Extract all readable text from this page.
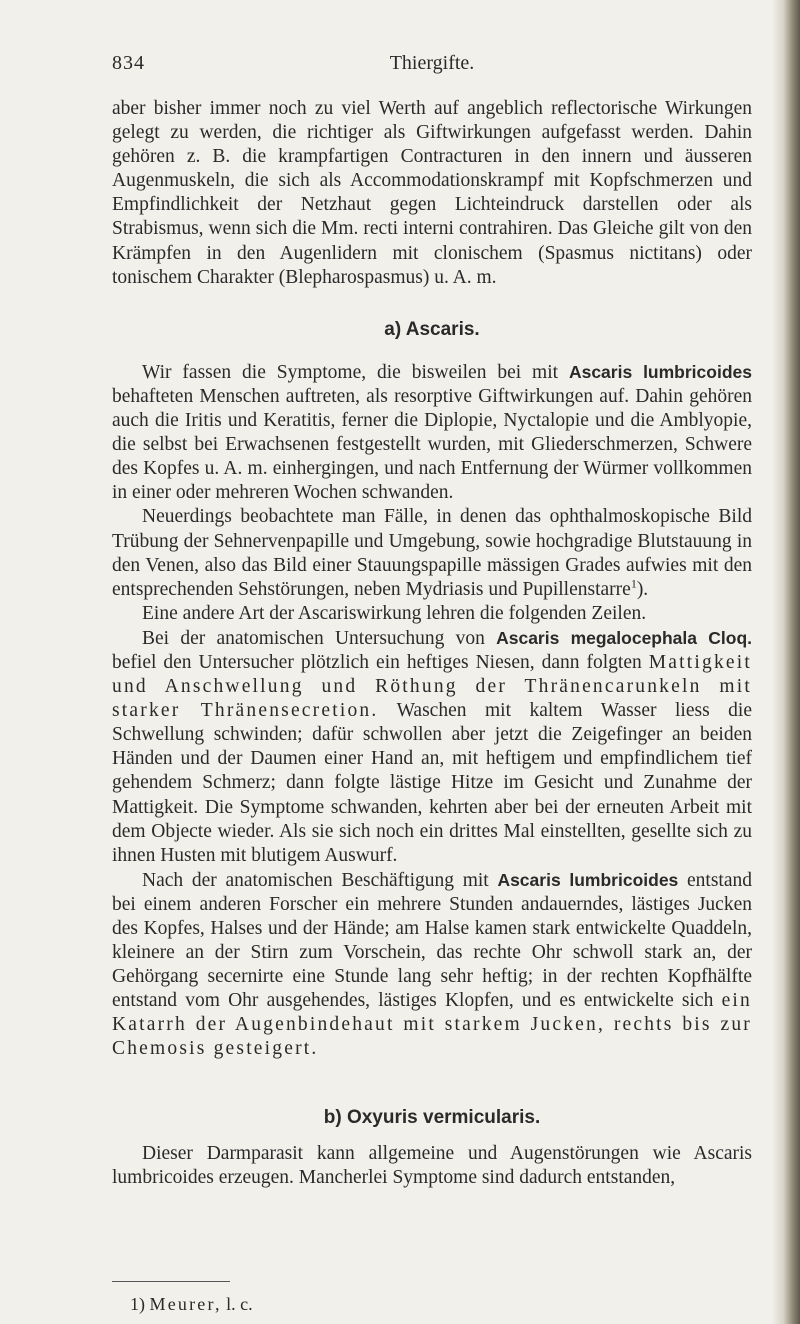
834	Thiergifte.

aber bisher immer noch zu viel Werth auf angeblich reflectorische Wirkungen gelegt zu werden, die richtiger als Giftwirkungen aufgefasst werden. Dahin gehören z. B. die krampfartigen Contracturen in den innern und äusseren Augenmuskeln, die sich als Accommodationskrampf mit Kopfschmerzen und Empfindlichkeit der Netzhaut gegen Lichteindruck darstellen oder als Strabismus, wenn sich die Mm. recti interni contrahiren. Das Gleiche gilt von den Krämpfen in den Augenlidern mit clonischem (Spasmus nictitans) oder tonischem Charakter (Blepharospasmus) u. A. m.

a) Ascaris.

Wir fassen die Symptome, die bisweilen bei mit Ascaris lumbricoides behafteten Menschen auftreten, als resorptive Giftwirkungen auf. Dahin gehören auch die Iritis und Keratitis, ferner die Diplopie, Nyctalopie und die Amblyopie, die selbst bei Erwachsenen festgestellt wurden, mit Gliederschmerzen, Schwere des Kopfes u. A. m. einhergingen, und nach Entfernung der Würmer vollkommen in einer oder mehreren Wochen schwanden.

Neuerdings beobachtete man Fälle, in denen das ophthalmoskopische Bild Trübung der Sehnervenpapille und Umgebung, sowie hochgradige Blutstauung in den Venen, also das Bild einer Stauungspapille mässigen Grades aufwies mit den entsprechenden Sehstörungen, neben Mydriasis und Pupillenstarre$^1$).

Eine andere Art der Ascariswirkung lehren die folgenden Zeilen.

Bei der anatomischen Untersuchung von Ascaris megalocephala Cloq. befiel den Untersucher plötzlich ein heftiges Niesen, dann folgten Mattigkeit und Anschwellung und Röthung der Thränencarunkeln mit starker Thränensecretion. Waschen mit kaltem Wasser liess die Schwellung schwinden; dafür schwollen aber jetzt die Zeigefinger an beiden Händen und der Daumen einer Hand an, mit heftigem und empfindlichem tief gehendem Schmerz; dann folgte lästige Hitze im Gesicht und Zunahme der Mattigkeit. Die Symptome schwanden, kehrten aber bei der erneuten Arbeit mit dem Objecte wieder. Als sie sich noch ein drittes Mal einstellten, gesellte sich zu ihnen Husten mit blutigem Auswurf.

Nach der anatomischen Beschäftigung mit Ascaris lumbricoides entstand bei einem anderen Forscher ein mehrere Stunden andauerndes, lästiges Jucken des Kopfes, Halses und der Hände; am Halse kamen stark entwickelte Quaddeln, kleinere an der Stirn zum Vorschein, das rechte Ohr schwoll stark an, der Gehörgang secernirte eine Stunde lang sehr heftig; in der rechten Kopfhälfte entstand vom Ohr ausgehendes, lästiges Klopfen, und es entwickelte sich ein Katarrh der Augenbindehaut mit starkem Jucken, rechts bis zur Chemosis gesteigert.

b) Oxyuris vermicularis.

Dieser Darmparasit kann allgemeine und Augenstörungen wie Ascaris lumbricoides erzeugen. Mancherlei Symptome sind dadurch entstanden,

1) Meurer, l. c.
